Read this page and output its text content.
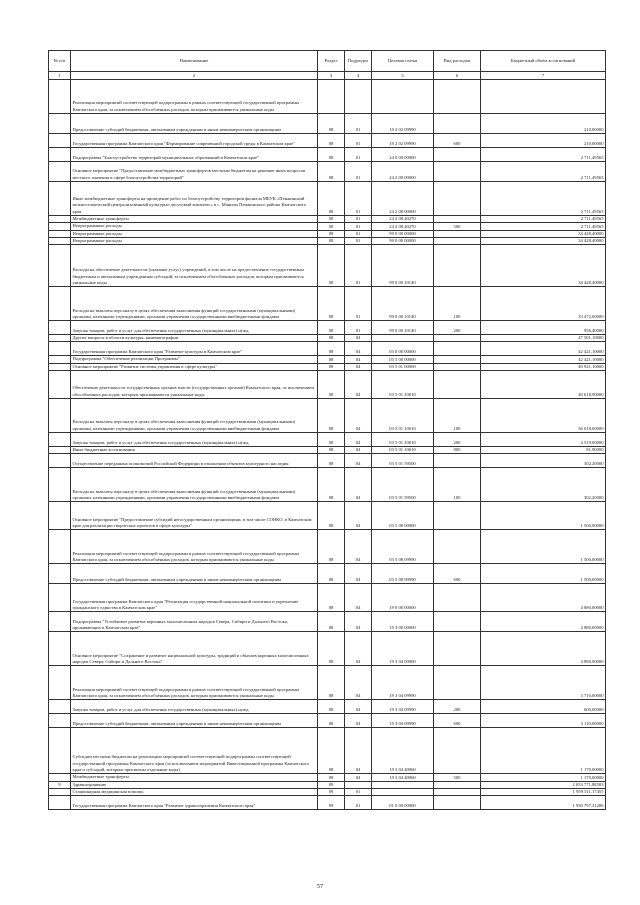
№ п/п	Наименование	Раздел	Подраздел	Целевая статья	Вид расходов	Бюджетный объём ассигнований
1	2	3	4	5	6	7
	Реализация мероприятий соответствующей подпрограммы в рамках соответствующей государственной программы Камчатского края, за исключением обособленных расходов, которым присваиваются уникальные коды					
	Предоставление субсидий бюджетным, автономным учреждениям и иным некоммерческим организациям	08	01	19 2 02 09990		210,00000
	Государственная программа Камчатского края "Формирование современной городской среды в Камчатском крае"	08	01	19 2 02 09990	600	210,00000
	Подпрограмма "Благоустройство территорий муниципальных образований в Камчатском крае"	08	01	24 0 00 00000		2 711,49565
	Основное мероприятие "Предоставление межбюджетных трансфертов местным бюджетам на решение иных вопросов местного значения в сфере благоустройства территорий"	08	01	24 2 00 00000		2 711,49565
	Иные межбюджетные трансферты на проведение работ по благоустройству территории филиала МБУК «Пенжинский межпоселенческий централизованный культурно-досуговый комплекс» в с. Манилы Пенжинского района Камчатского края	08	01	24 2 08 00000		2 711,49565
	Межбюджетные трансферты	08	01	24 2 08 40270		2 711,49565
	Непрограммные расходы	08	01	24 2 08 40270	500	2 711,49565
	Непрограммные расходы	08	01	99 0 00 00000		34 428,40000
	Непрограммные расходы	08	01	99 0 00 00000		34 428,40000
	Расходы на обеспечение деятельности (оказание услуг) учреждений, в том числе на предоставление государственным бюджетным и автономным учреждениям субсидий, за исключением обособленных расходов, которым присваиваются уникальные коды	08	01	99 0 00 10140		34 428,40000
	Расходы на выплаты персоналу в целях обеспечения выполнения функций государственными (муниципальными) органами, казенными учреждениями, органами управления государственными внебюджетными фондами	08	01	99 0 00 10140	100	33 472,00000
	Закупка товаров, работ и услуг для обеспечения государственных (муниципальных) нужд	08	01	99 0 00 10140	200	956,40000
	Другие вопросы в области культуры, кинематографии	08	04			47 501,10000
	Государственная программа Камчатского края "Развитие культуры в Камчатском крае"	08	04	03 0 00 00000		42 421,10000
	Подпрограмма "Обеспечение реализации Программы"	08	04	03 5 00 00000		42 421,10000
	Основное мероприятие "Развитие системы управления в сфере культуры"	08	04	03 5 01 00000		40 921,10000
	Обеспечение деятельности государственных органов власти (государственных органов) Камчатского края, за исключением обособленных расходов, которым присваиваются уникальные коды	08	04	03 5 01 10010		40 618,90000
	Расходы на выплаты персоналу в целях обеспечения выполнения функций государственными (муниципальными) органами, казенными учреждениями, органами управления государственными внебюджетными фондами	08	04	03 5 01 10010	100	36 018,00000
	Закупка товаров, работ и услуг для обеспечения государственных (муниципальных) нужд	08	04	03 5 01 10010	200	4 519,00000
	Иные бюджетные ассигнования	08	04	03 5 01 10010	800	81,90000
	Осуществление переданных полномочий Российской Федерации в отношении объектов культурного наследия	08	04	03 5 01 59500		302,20000
	Расходы на выплаты персоналу в целях обеспечения выполнения функций государственными (муниципальными) органами, казенными учреждениями, органами управления государственными внебюджетными фондами	08	04	03 5 01 59500	100	302,20000
	Основное мероприятие "Предоставление субсидий негосударственным организациям, в том числе СОНКО, в Камчатском крае для реализации творческих проектов в сфере культуры"	08	04	03 5 08 00000		1 500,00000
	Реализация мероприятий соответствующей подпрограммы в рамках соответствующей государственной программы Камчатского края, за исключением обособленных расходов, которым присваиваются уникальные коды	08	04	03 5 08 09990		1 500,00000
	Предоставление субсидий бюджетным, автономным учреждениям и иным некоммерческим организациям	08	04	03 5 08 09990	600	1 500,00000
	Государственная программа Камчатского края "Реализация государственной национальной политики и укрепление гражданского единства в Камчатском крае"	08	04	19 0 00 00000		4 880,00000
	Подпрограмма "Устойчивое развитие коренных малочисленных народов Севера, Сибири и Дальнего Востока, проживающих в Камчатском крае"	08	04	19 3 00 00000		4 880,00000
	Основное мероприятие "Сохранение и развитие национальной культуры, традиций и обычаев коренных малочисленных народов Севера, Сибири и Дальнего Востока"	08	04	19 3 04 00000		4 880,00000
	Реализация мероприятий соответствующей подпрограммы в рамках соответствующей государственной программы Камчатского края, за исключением обособленных расходов, которым присваиваются уникальные коды	08	04	19 3 04 09990		3 710,00000
	Закупка товаров, работ и услуг для обеспечения государственных (муниципальных) нужд	08	04	19 3 04 09990	200	600,00000
	Предоставление субсидий бюджетным, автономным учреждениям и иным некоммерческим организациям	08	04	19 3 04 09990	600	3 110,00000
	Субсидии местным бюджетам на реализацию мероприятий соответствующей подпрограммы соответствующей государственной программы Камчатского края (за исключением мероприятий Инвестиционной программы Камчатского края и субсидий, которым присвоены отдельные коды)	08	04	19 3 04 40060		1 170,00000
	Межбюджетные трансферты	08	04	19 3 04 40060	500	1 170,00000
9	Здравоохранение	09				2 053 771,88583
	Стационарная медицинская помощь	09	01			1 959 511,17455
	Государственная программа Камчатского края "Развитие здравоохранения Камчатского края"	09	01	01 0 00 00000		1 930 797,31286
57
